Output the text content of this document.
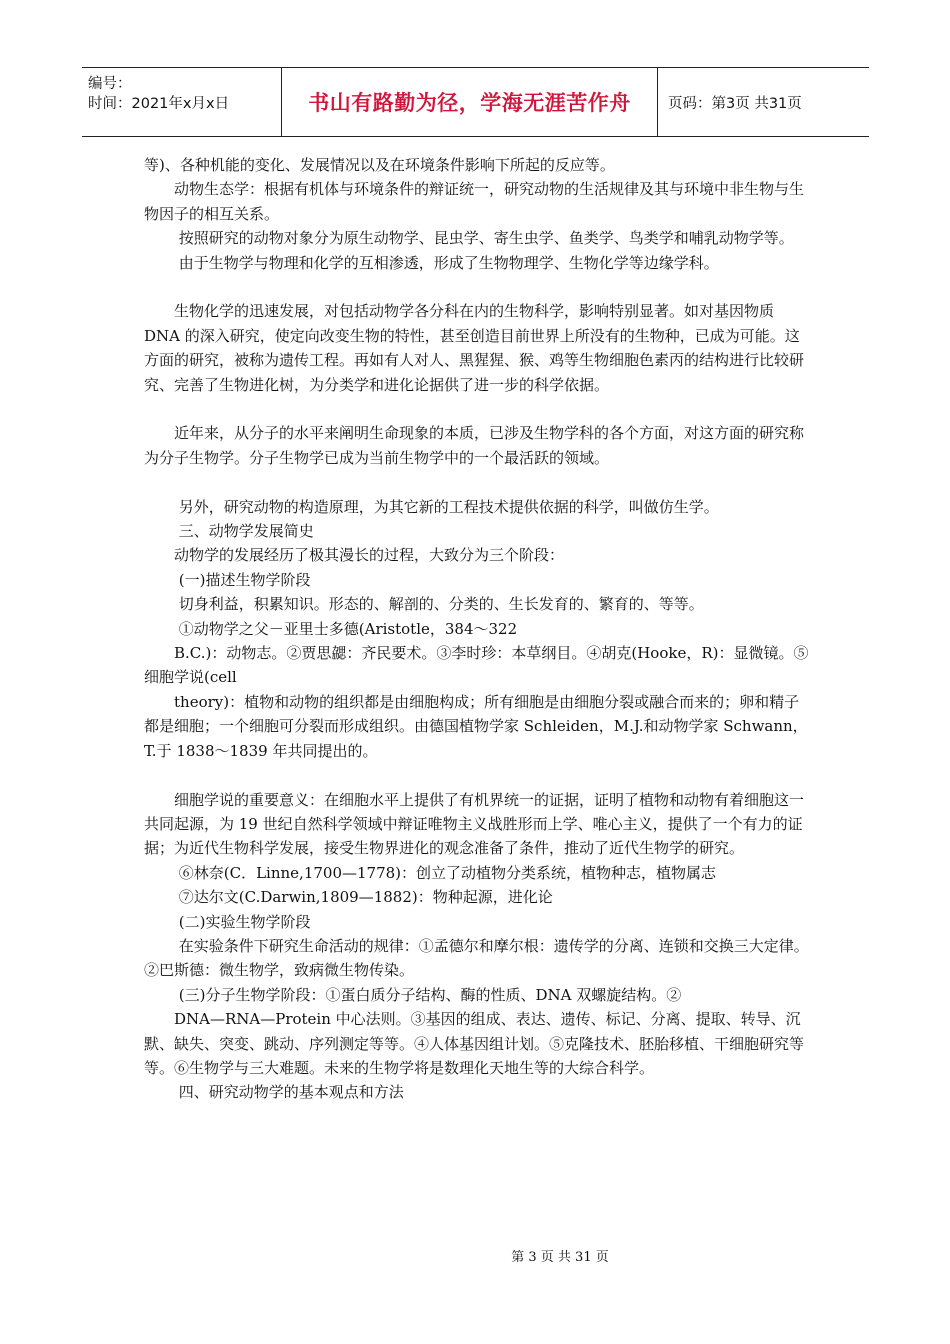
编号：
时间：2021年x月x日	书山有路勤为径，学海无涯苦作舟	页码：第3页 共31页

等)、各种机能的变化、发展情况以及在环境条件影响下所起的反应等。

　　动物生态学：根据有机体与环境条件的辩证统一，研究动物的生活规律及其与环境中非生物与生物因子的相互关系。

　　 按照研究的动物对象分为原生动物学、昆虫学、寄生虫学、鱼类学、鸟类学和哺乳动物学等。

　　 由于生物学与物理和化学的互相渗透，形成了生物物理学、生物化学等边缘学科。

　　生物化学的迅速发展，对包括动物学各分科在内的生物科学，影响特别显著。如对基因物质 DNA 的深入研究，使定向改变生物的特性，甚至创造目前世界上所没有的生物种，已成为可能。这方面的研究，被称为遗传工程。再如有人对人、黑猩猩、猴、鸡等生物细胞色素丙的结构进行比较研究、完善了生物进化树，为分类学和进化论据供了进一步的科学依据。

　　近年来，从分子的水平来阐明生命现象的本质，已涉及生物学科的各个方面，对这方面的研究称为分子生物学。分子生物学已成为当前生物学中的一个最活跃的领域。

　　 另外，研究动物的构造原理，为其它新的工程技术提供依据的科学，叫做仿生学。

　　 三、动物学发展简史

　　动物学的发展经历了极其漫长的过程，大致分为三个阶段：

　　 (一)描述生物学阶段

　　 切身利益，积累知识。形态的、解剖的、分类的、生长发育的、繁育的、等等。

　　 ①动物学之父－亚里士多德(Aristotle，384～322

　　B.C.)：动物志。②贾思勰：齐民要术。③李时珍：本草纲目。④胡克(Hooke，R)：显微镜。⑤细胞学说(cell

　　theory)：植物和动物的组织都是由细胞构成；所有细胞是由细胞分裂或融合而来的；卵和精子都是细胞；一个细胞可分裂而形成组织。由德国植物学家 Schleiden，M.J.和动物学家 Schwann，T.于 1838～1839 年共同提出的。

　　细胞学说的重要意义：在细胞水平上提供了有机界统一的证据，证明了植物和动物有着细胞这一共同起源，为 19 世纪自然科学领域中辩证唯物主义战胜形而上学、唯心主义，提供了一个有力的证据；为近代生物科学发展，接受生物界进化的观念准备了条件，推动了近代生物学的研究。

　　 ⑥林奈(C．Linne,1700—1778)：创立了动植物分类系统，植物种志，植物属志

　　 ⑦达尔文(C.Darwin,1809—1882)：物种起源，进化论

　　 (二)实验生物学阶段

　　 在实验条件下研究生命活动的规律：①孟德尔和摩尔根：遗传学的分离、连锁和交换三大定律。②巴斯德：微生物学，致病微生物传染。

　　 (三)分子生物学阶段：①蛋白质分子结构、酶的性质、DNA 双螺旋结构。②

　　DNA—RNA—Protein 中心法则。③基因的组成、表达、遗传、标记、分离、提取、转导、沉默、缺失、突变、跳动、序列测定等等。④人体基因组计划。⑤克隆技术、胚胎移植、干细胞研究等等。⑥生物学与三大难题。未来的生物学将是数理化天地生等的大综合科学。

　　 四、研究动物学的基本观点和方法

第 3 页 共 31 页
